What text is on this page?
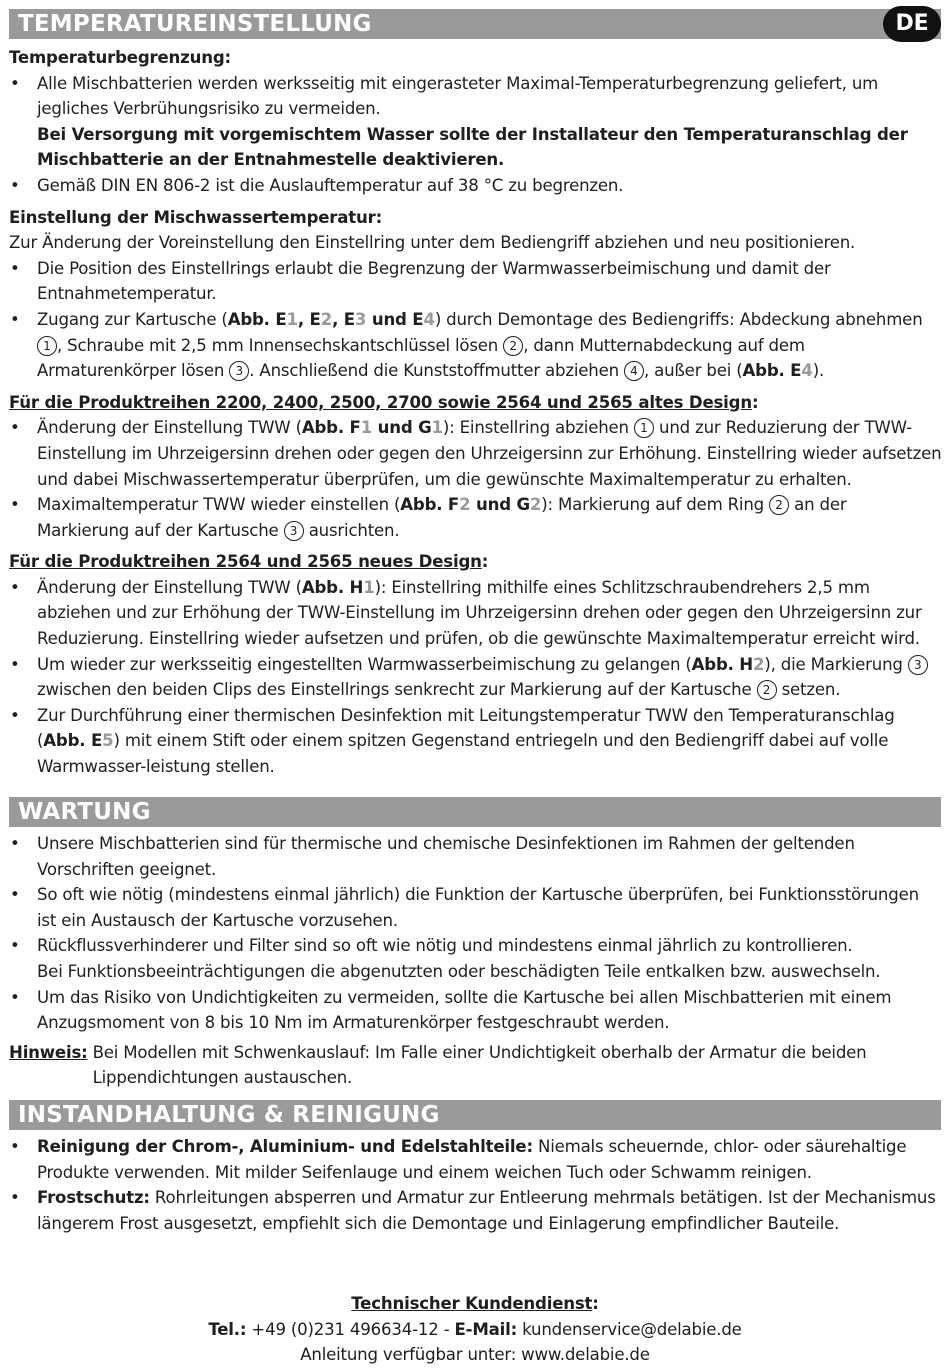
TEMPERATUREINSTELLUNG	DE
Temperaturbegrenzung:
• Alle Mischbatterien werden werksseitig mit eingerasteter Maximal-Temperaturbegrenzung geliefert, um jegliches Verbrühungsrisiko zu vermeiden.
Bei Versorgung mit vorgemischtem Wasser sollte der Installateur den Temperaturanschlag der Mischbatterie an der Entnahmestelle deaktivieren.
• Gemäß DIN EN 806-2 ist die Auslauftemperatur auf 38 °C zu begrenzen.
Einstellung der Mischwassertemperatur:
Zur Änderung der Voreinstellung den Einstellring unter dem Bediengriff abziehen und neu positionieren.
• Die Position des Einstellrings erlaubt die Begrenzung der Warmwasserbeimischung und damit der Entnahmetemperatur.
• Zugang zur Kartusche (Abb. E1, E2, E3 und E4) durch Demontage des Bediengriffs: Abdeckung abnehmen 1 , Schraube mit 2,5 mm Innensechskantschlüssel lösen 2 , dann Mutternabdeckung auf dem Armaturenkörper lösen 3 . Anschließend die Kunststoffmutter abziehen 4 , außer bei (Abb. E4).
Für die Produktreihen 2200, 2400, 2500, 2700 sowie 2564 und 2565 altes Design:
• Änderung der Einstellung TWW (Abb. F1 und G1): Einstellring abziehen 1 und zur Reduzierung der TWW-Einstellung im Uhrzeigersinn drehen oder gegen den Uhrzeigersinn zur Erhöhung. Einstellring wieder aufsetzen und dabei Mischwassertemperatur überprüfen, um die gewünschte Maximaltemperatur zu erhalten.
• Maximaltemperatur TWW wieder einstellen (Abb. F2 und G2): Markierung auf dem Ring 2 an der Markierung auf der Kartusche 3 ausrichten.
Für die Produktreihen 2564 und 2565 neues Design:
• Änderung der Einstellung TWW (Abb. H1): Einstellring mithilfe eines Schlitzschraubendrehers 2,5 mm abziehen und zur Erhöhung der TWW-Einstellung im Uhrzeigersinn drehen oder gegen den Uhrzeigersinn zur Reduzierung. Einstellring wieder aufsetzen und prüfen, ob die gewünschte Maximaltemperatur erreicht wird.
• Um wieder zur werksseitig eingestellten Warmwasserbeimischung zu gelangen (Abb. H2), die Markierung 3 zwischen den beiden Clips des Einstellrings senkrecht zur Markierung auf der Kartusche 2 setzen.
• Zur Durchführung einer thermischen Desinfektion mit Leitungstemperatur TWW den Temperaturanschlag (Abb. E5) mit einem Stift oder einem spitzen Gegenstand entriegeln und den Bediengriff dabei auf volle Warmwasser-leistung stellen.
WARTUNG
• Unsere Mischbatterien sind für thermische und chemische Desinfektionen im Rahmen der geltenden Vorschriften geeignet.
• So oft wie nötig (mindestens einmal jährlich) die Funktion der Kartusche überprüfen, bei Funktionsstörungen ist ein Austausch der Kartusche vorzusehen.
• Rückflussverhinderer und Filter sind so oft wie nötig und mindestens einmal jährlich zu kontrollieren.
Bei Funktionsbeeinträchtigungen die abgenutzten oder beschädigten Teile entkalken bzw. auswechseln.
• Um das Risiko von Undichtigkeiten zu vermeiden, sollte die Kartusche bei allen Mischbatterien mit einem Anzugsmoment von 8 bis 10 Nm im Armaturenkörper festgeschraubt werden.
Hinweis: Bei Modellen mit Schwenkauslauf: Im Falle einer Undichtigkeit oberhalb der Armatur die beiden Lippendichtungen austauschen.
INSTANDHALTUNG & REINIGUNG
• Reinigung der Chrom-, Aluminium- und Edelstahlteile: Niemals scheuernde, chlor- oder säurehaltige Produkte verwenden. Mit milder Seifenlauge und einem weichen Tuch oder Schwamm reinigen.
• Frostschutz: Rohrleitungen absperren und Armatur zur Entleerung mehrmals betätigen. Ist der Mechanismus längerem Frost ausgesetzt, empfiehlt sich die Demontage und Einlagerung empfindlicher Bauteile.
Technischer Kundendienst:
Tel.: +49 (0)231 496634-12 - E-Mail: kundenservice@delabie.de
Anleitung verfügbar unter: www.delabie.de
